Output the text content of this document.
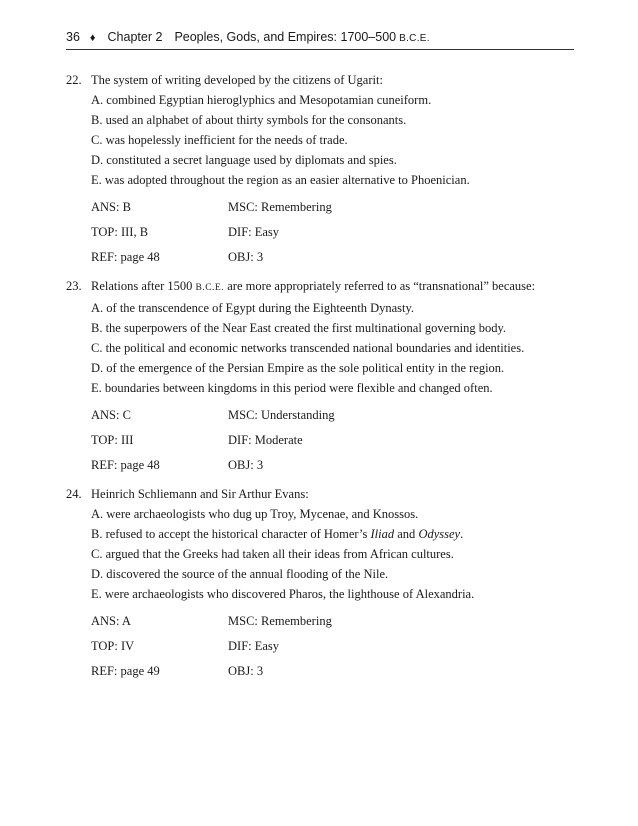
36 ♦ Chapter 2 Peoples, Gods, and Empires: 1700–500 B.C.E.
22. The system of writing developed by the citizens of Ugarit:
A. combined Egyptian hieroglyphics and Mesopotamian cuneiform.
B. used an alphabet of about thirty symbols for the consonants.
C. was hopelessly inefficient for the needs of trade.
D. constituted a secret language used by diplomats and spies.
E. was adopted throughout the region as an easier alternative to Phoenician.
ANS: B	MSC: Remembering
TOP: III, B	DIF: Easy
REF: page 48	OBJ: 3
23. Relations after 1500 B.C.E. are more appropriately referred to as “transnational” because:
A. of the transcendence of Egypt during the Eighteenth Dynasty.
B. the superpowers of the Near East created the first multinational governing body.
C. the political and economic networks transcended national boundaries and identities.
D. of the emergence of the Persian Empire as the sole political entity in the region.
E. boundaries between kingdoms in this period were flexible and changed often.
ANS: C	MSC: Understanding
TOP: III	DIF: Moderate
REF: page 48	OBJ: 3
24. Heinrich Schliemann and Sir Arthur Evans:
A. were archaeologists who dug up Troy, Mycenae, and Knossos.
B. refused to accept the historical character of Homer’s Iliad and Odyssey.
C. argued that the Greeks had taken all their ideas from African cultures.
D. discovered the source of the annual flooding of the Nile.
E. were archaeologists who discovered Pharos, the lighthouse of Alexandria.
ANS: A	MSC: Remembering
TOP: IV	DIF: Easy
REF: page 49	OBJ: 3
